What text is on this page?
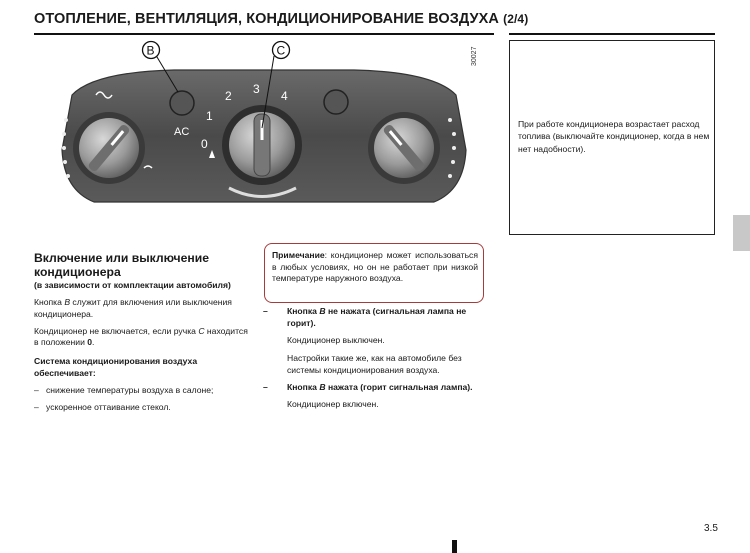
ОТОПЛЕНИЕ, ВЕНТИЛЯЦИЯ, КОНДИЦИОНИРОВАНИЕ ВОЗДУХА (2/4)
AC
0
1
2 3 4
B	C	30027

При работе кондиционера возрастает расход топлива (выключайте кондиционер, когда в нем нет надобности).

Включение или выключение кондиционера
(в зависимости от комплектации автомобиля)

Кнопка B служит для включения или выключения кондиционера.

Кондиционер не включается, если ручка C находится в положении 0.

Система кондиционирования воздуха обеспечивает:
– снижение температуры воздуха в салоне;
– ускоренное оттаивание стекол.

Примечание: кондиционер может использоваться в любых условиях, но он не работает при низкой температуре наружного воздуха.

–	Кнопка B не нажата (сигнальная лампа не горит).

Кондиционер выключен.

Настройки такие же, как на автомобиле без системы кондиционирования воздуха.

–	Кнопка B нажата (горит сигнальная лампа).

Кондиционер включен.

3.5
